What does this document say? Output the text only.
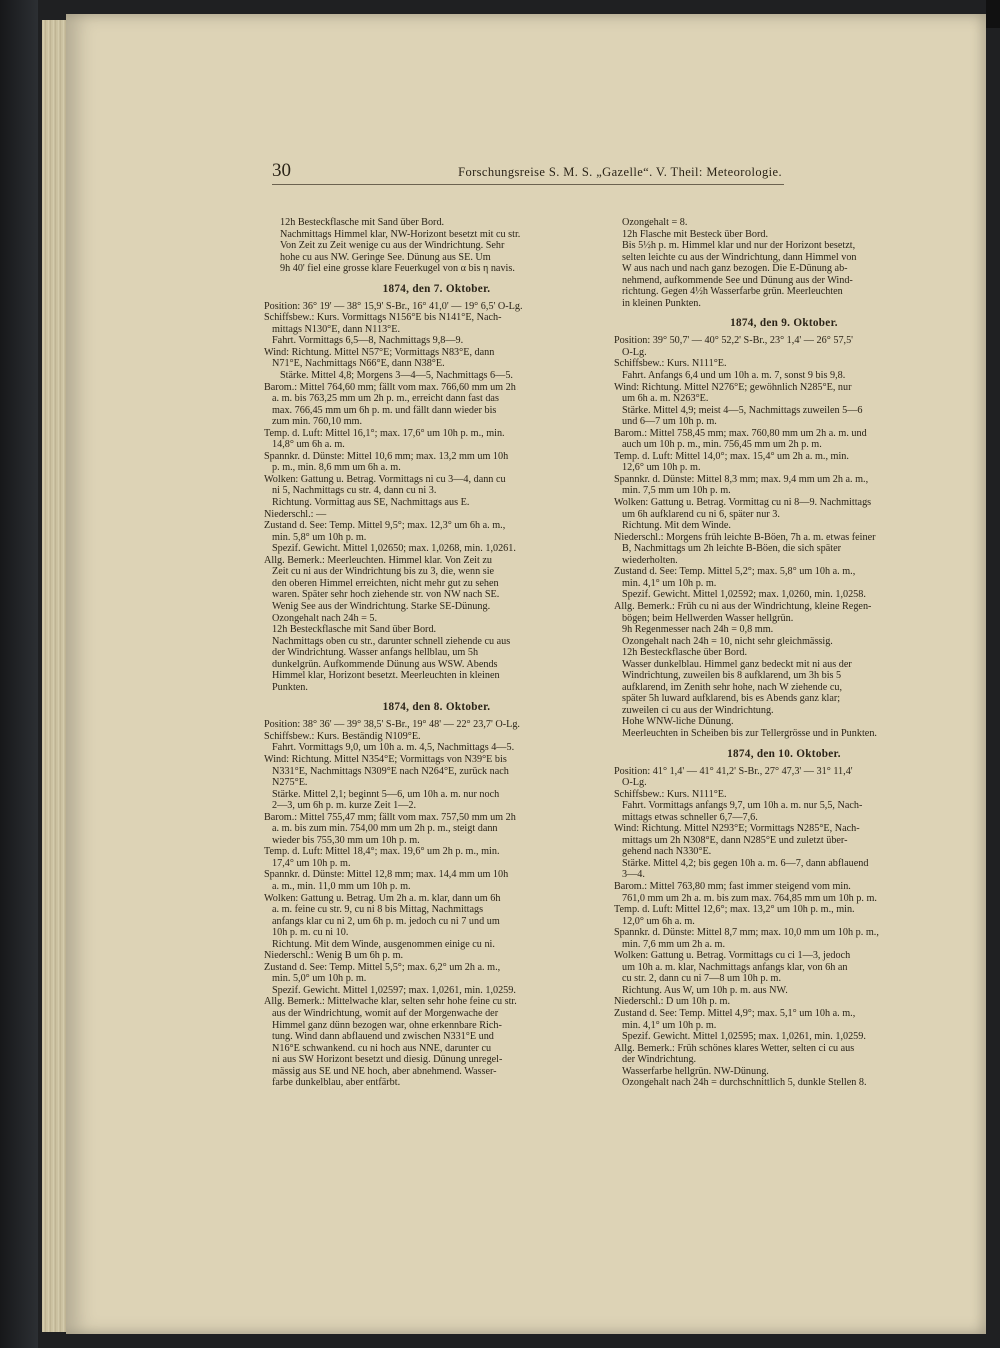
30	Forschungsreise S. M. S. „Gazelle“. V. Theil: Meteorologie.
12h Besteckflasche mit Sand über Bord.
Nachmittags Himmel klar, NW-Horizont besetzt mit cu str.
Von Zeit zu Zeit wenige cu aus der Windrichtung. Sehr
hohe cu aus NW. Geringe See. Dünung aus SE. Um
9h 40' fiel eine grosse klare Feuerkugel von α bis η navis.
1874, den 7. Oktober.
Position: 36° 19' — 38° 15,9' S-Br., 16° 41,0' — 19° 6,5' O-Lg.
Schiffsbew.: Kurs. Vormittags N156°E bis N141°E, Nach-
mittags N130°E, dann N113°E.
Fahrt. Vormittags 6,5—8, Nachmittags 9,8—9.
Wind: Richtung. Mittel N57°E; Vormittags N83°E, dann
N71°E, Nachmittags N66°E, dann N38°E.
Stärke. Mittel 4,8; Morgens 3—4—5, Nachmittags 6—5.
Barom.: Mittel 764,60 mm; fällt vom max. 766,60 mm um 2h
a. m. bis 763,25 mm um 2h p. m., erreicht dann fast das
max. 766,45 mm um 6h p. m. und fällt dann wieder bis
zum min. 760,10 mm.
Temp. d. Luft: Mittel 16,1°; max. 17,6° um 10h p. m., min.
14,8° um 6h a. m.
Spannkr. d. Dünste: Mittel 10,6 mm; max. 13,2 mm um 10h
p. m., min. 8,6 mm um 6h a. m.
Wolken: Gattung u. Betrag. Vormittags ni cu 3—4, dann cu
ni 5, Nachmittags cu str. 4, dann cu ni 3.
Richtung. Vormittag aus SE, Nachmittags aus E.
Niederschl.: —
Zustand d. See: Temp. Mittel 9,5°; max. 12,3° um 6h a. m.,
min. 5,8° um 10h p. m.
Spezif. Gewicht. Mittel 1,02650; max. 1,0268, min. 1,0261.
Allg. Bemerk.: Meerleuchten. Himmel klar. Von Zeit zu
Zeit cu ni aus der Windrichtung bis zu 3, die, wenn sie
den oberen Himmel erreichten, nicht mehr gut zu sehen
waren. Später sehr hoch ziehende str. von NW nach SE.
Wenig See aus der Windrichtung. Starke SE-Dünung.
Ozongehalt nach 24h = 5.
12h Besteckflasche mit Sand über Bord.
Nachmittags oben cu str., darunter schnell ziehende cu aus
der Windrichtung. Wasser anfangs hellblau, um 5h
dunkelgrün. Aufkommende Dünung aus WSW. Abends
Himmel klar, Horizont besetzt. Meerleuchten in kleinen
Punkten.
1874, den 8. Oktober.
Position: 38° 36' — 39° 38,5' S-Br., 19° 48' — 22° 23,7' O-Lg.
Schiffsbew.: Kurs. Beständig N109°E.
Fahrt. Vormittags 9,0, um 10h a. m. 4,5, Nachmittags 4—5.
Wind: Richtung. Mittel N354°E; Vormittags von N39°E bis
N331°E, Nachmittags N309°E nach N264°E, zurück nach
N275°E.
Stärke. Mittel 2,1; beginnt 5—6, um 10h a. m. nur noch
2—3, um 6h p. m. kurze Zeit 1—2.
Barom.: Mittel 755,47 mm; fällt vom max. 757,50 mm um 2h
a. m. bis zum min. 754,00 mm um 2h p. m., steigt dann
wieder bis 755,30 mm um 10h p. m.
Temp. d. Luft: Mittel 18,4°; max. 19,6° um 2h p. m., min.
17,4° um 10h p. m.
Spannkr. d. Dünste: Mittel 12,8 mm; max. 14,4 mm um 10h
a. m., min. 11,0 mm um 10h p. m.
Wolken: Gattung u. Betrag. Um 2h a. m. klar, dann um 6h
a. m. feine cu str. 9, cu ni 8 bis Mittag, Nachmittags
anfangs klar cu ni 2, um 6h p. m. jedoch cu ni 7 und um
10h p. m. cu ni 10.
Richtung. Mit dem Winde, ausgenommen einige cu ni.
Niederschl.: Wenig B um 6h p. m.
Zustand d. See: Temp. Mittel 5,5°; max. 6,2° um 2h a. m.,
min. 5,0° um 10h p. m.
Spezif. Gewicht. Mittel 1,02597; max. 1,0261, min. 1,0259.
Allg. Bemerk.: Mittelwache klar, selten sehr hohe feine cu str.
aus der Windrichtung, womit auf der Morgenwache der
Himmel ganz dünn bezogen war, ohne erkennbare Rich-
tung. Wind dann abflauend und zwischen N331°E und
N16°E schwankend. cu ni hoch aus NNE, darunter cu
ni aus SW Horizont besetzt und diesig. Dünung unregel-
mässig aus SE und NE hoch, aber abnehmend. Wasser-
farbe dunkelblau, aber entfärbt.
Ozongehalt = 8.
12h Flasche mit Besteck über Bord.
Bis 5½h p. m. Himmel klar und nur der Horizont besetzt,
selten leichte cu aus der Windrichtung, dann Himmel von
W aus nach und nach ganz bezogen. Die E-Dünung ab-
nehmend, aufkommende See und Dünung aus der Wind-
richtung. Gegen 4½h Wasserfarbe grün. Meerleuchten
in kleinen Punkten.
1874, den 9. Oktober.
Position: 39° 50,7' — 40° 52,2' S-Br., 23° 1,4' — 26° 57,5'
O-Lg.
Schiffsbew.: Kurs. N111°E.
Fahrt. Anfangs 6,4 und um 10h a. m. 7, sonst 9 bis 9,8.
Wind: Richtung. Mittel N276°E; gewöhnlich N285°E, nur
um 6h a. m. N263°E.
Stärke. Mittel 4,9; meist 4—5, Nachmittags zuweilen 5—6
und 6—7 um 10h p. m.
Barom.: Mittel 758,45 mm; max. 760,80 mm um 2h a. m. und
auch um 10h p. m., min. 756,45 mm um 2h p. m.
Temp. d. Luft: Mittel 14,0°; max. 15,4° um 2h a. m., min.
12,6° um 10h p. m.
Spannkr. d. Dünste: Mittel 8,3 mm; max. 9,4 mm um 2h a. m.,
min. 7,5 mm um 10h p. m.
Wolken: Gattung u. Betrag. Vormittag cu ni 8—9. Nachmittags
um 6h aufklarend cu ni 6, später nur 3.
Richtung. Mit dem Winde.
Niederschl.: Morgens früh leichte B-Böen, 7h a. m. etwas feiner
B, Nachmittags um 2h leichte B-Böen, die sich später
wiederholten.
Zustand d. See: Temp. Mittel 5,2°; max. 5,8° um 10h a. m.,
min. 4,1° um 10h p. m.
Spezif. Gewicht. Mittel 1,02592; max. 1,0260, min. 1,0258.
Allg. Bemerk.: Früh cu ni aus der Windrichtung, kleine Regen-
bögen; beim Hellwerden Wasser hellgrün.
9h Regenmesser nach 24h = 0,8 mm.
Ozongehalt nach 24h = 10, nicht sehr gleichmässig.
12h Besteckflasche über Bord.
Wasser dunkelblau. Himmel ganz bedeckt mit ni aus der
Windrichtung, zuweilen bis 8 aufklarend, um 3h bis 5
aufklarend, im Zenith sehr hohe, nach W ziehende cu,
später 5h luward aufklarend, bis es Abends ganz klar;
zuweilen ci cu aus der Windrichtung.
Hohe WNW-liche Dünung.
Meerleuchten in Scheiben bis zur Tellergrösse und in Punkten.
1874, den 10. Oktober.
Position: 41° 1,4' — 41° 41,2' S-Br., 27° 47,3' — 31° 11,4'
O-Lg.
Schiffsbew.: Kurs. N111°E.
Fahrt. Vormittags anfangs 9,7, um 10h a. m. nur 5,5, Nach-
mittags etwas schneller 6,7—7,6.
Wind: Richtung. Mittel N293°E; Vormittags N285°E, Nach-
mittags um 2h N308°E, dann N285°E und zuletzt über-
gehend nach N330°E.
Stärke. Mittel 4,2; bis gegen 10h a. m. 6—7, dann abflauend
3—4.
Barom.: Mittel 763,80 mm; fast immer steigend vom min.
761,0 mm um 2h a. m. bis zum max. 764,85 mm um 10h p. m.
Temp. d. Luft: Mittel 12,6°; max. 13,2° um 10h p. m., min.
12,0° um 6h a. m.
Spannkr. d. Dünste: Mittel 8,7 mm; max. 10,0 mm um 10h p. m.,
min. 7,6 mm um 2h a. m.
Wolken: Gattung u. Betrag. Vormittags cu ci 1—3, jedoch
um 10h a. m. klar, Nachmittags anfangs klar, von 6h an
cu str. 2, dann cu ni 7—8 um 10h p. m.
Richtung. Aus W, um 10h p. m. aus NW.
Niederschl.: D um 10h p. m.
Zustand d. See: Temp. Mittel 4,9°; max. 5,1° um 10h a. m.,
min. 4,1° um 10h p. m.
Spezif. Gewicht. Mittel 1,02595; max. 1,0261, min. 1,0259.
Allg. Bemerk.: Früh schönes klares Wetter, selten ci cu aus
der Windrichtung.
Wasserfarbe hellgrün. NW-Dünung.
Ozongehalt nach 24h = durchschnittlich 5, dunkle Stellen 8.
